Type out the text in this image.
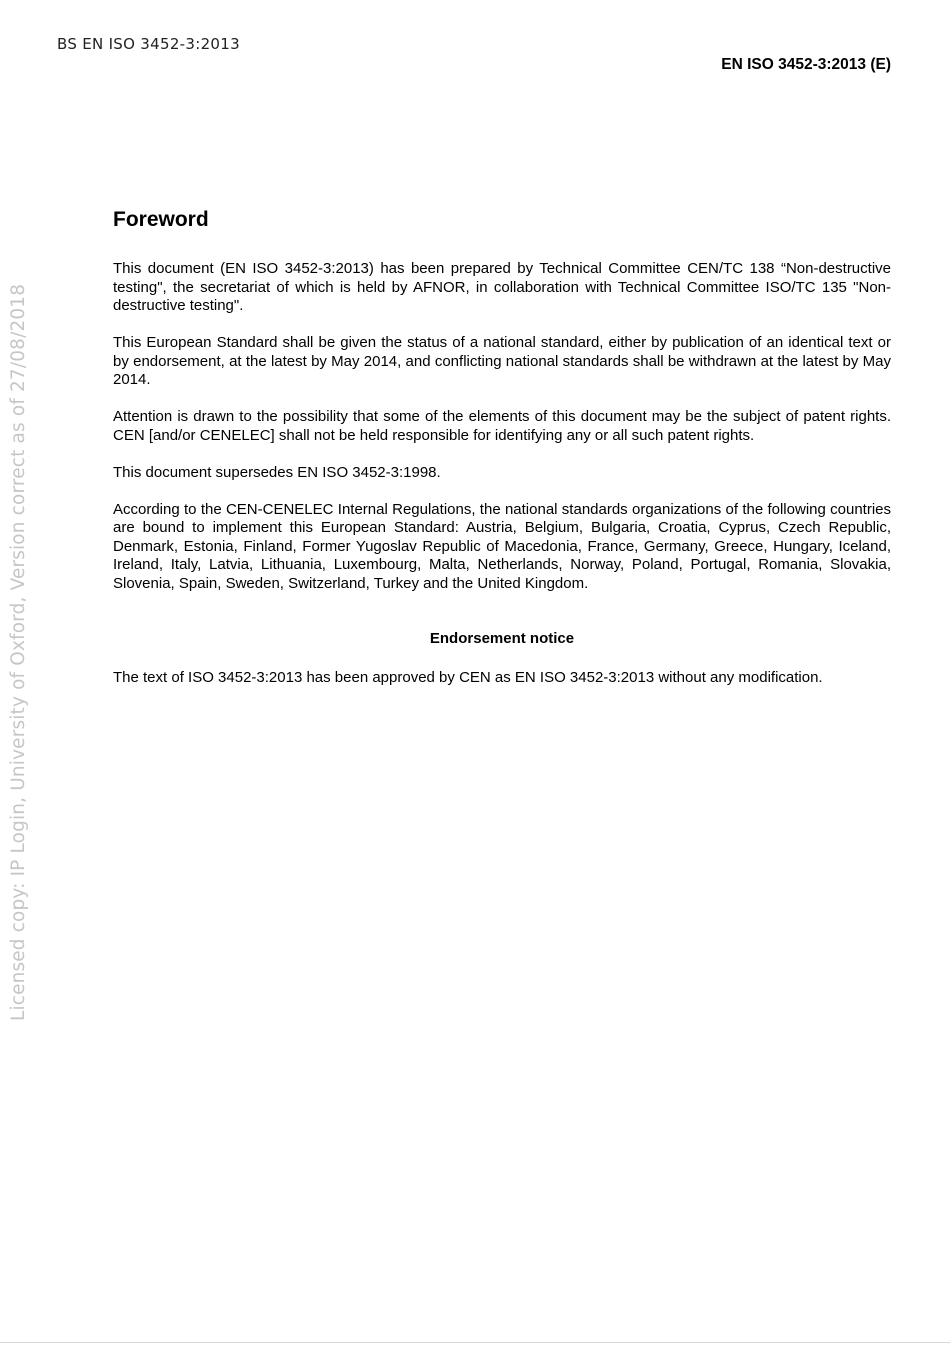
BS EN ISO 3452-3:2013
EN ISO 3452-3:2013 (E)
Licensed copy: IP Login, University of Oxford, Version correct as of 27/08/2018
Foreword

This document (EN ISO 3452-3:2013) has been prepared by Technical Committee CEN/TC 138 “Non-destructive testing", the secretariat of which is held by AFNOR, in collaboration with Technical Committee ISO/TC 135 "Non-destructive testing".

This European Standard shall be given the status of a national standard, either by publication of an identical text or by endorsement, at the latest by May 2014, and conflicting national standards shall be withdrawn at the latest by May 2014.

Attention is drawn to the possibility that some of the elements of this document may be the subject of patent rights. CEN [and/or CENELEC] shall not be held responsible for identifying any or all such patent rights.

This document supersedes EN ISO 3452-3:1998.

According to the CEN-CENELEC Internal Regulations, the national standards organizations of the following countries are bound to implement this European Standard: Austria, Belgium, Bulgaria, Croatia, Cyprus, Czech Republic, Denmark, Estonia, Finland, Former Yugoslav Republic of Macedonia, France, Germany, Greece, Hungary, Iceland, Ireland, Italy, Latvia, Lithuania, Luxembourg, Malta, Netherlands, Norway, Poland, Portugal, Romania, Slovakia, Slovenia, Spain, Sweden, Switzerland, Turkey and the United Kingdom.

Endorsement notice

The text of ISO 3452-3:2013 has been approved by CEN as EN ISO 3452-3:2013 without any modification.
